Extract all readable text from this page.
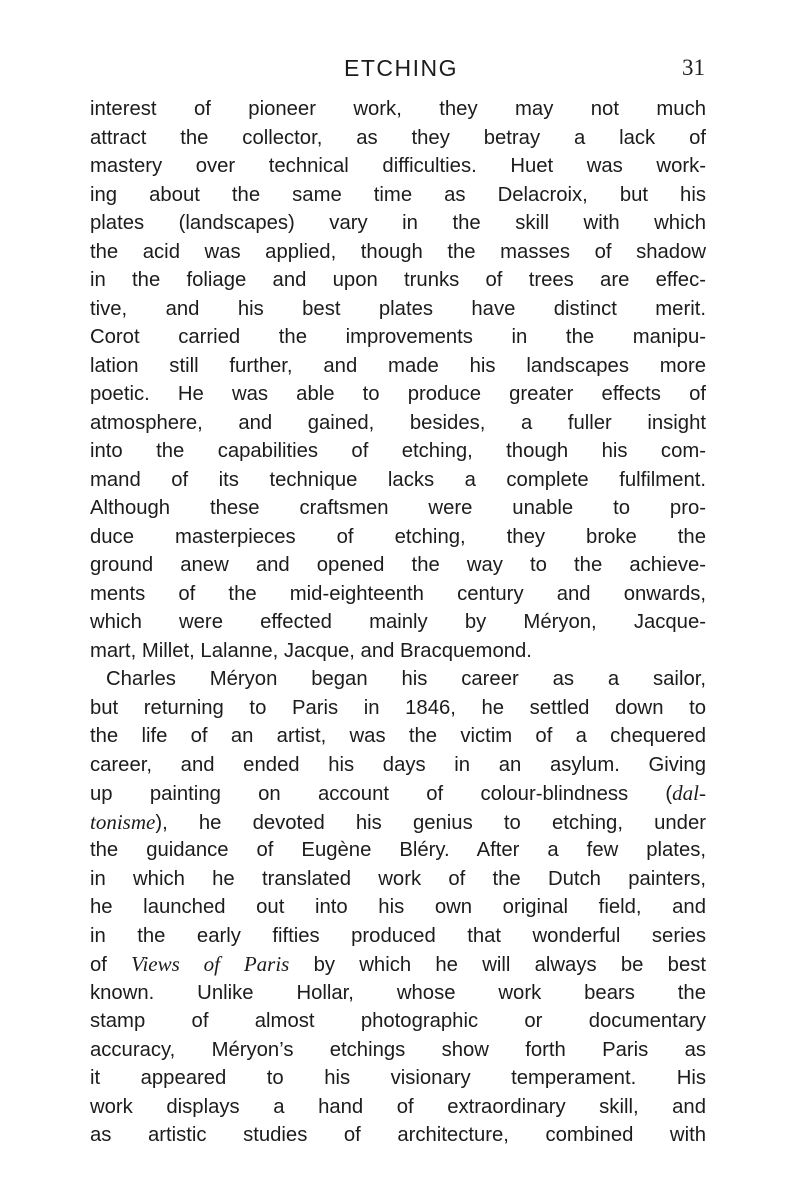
ETCHING	31
interest of pioneer work, they may not much
attract the collector, as they betray a lack of
mastery over technical difficulties. Huet was work-
ing about the same time as Delacroix, but his
plates (landscapes) vary in the skill with which
the acid was applied, though the masses of shadow
in the foliage and upon trunks of trees are effec-
tive, and his best plates have distinct merit.
Corot carried the improvements in the manipu-
lation still further, and made his landscapes more
poetic. He was able to produce greater effects of
atmosphere, and gained, besides, a fuller insight
into the capabilities of etching, though his com-
mand of its technique lacks a complete fulfilment.
Although these craftsmen were unable to pro-
duce masterpieces of etching, they broke the
ground anew and opened the way to the achieve-
ments of the mid-eighteenth century and onwards,
which were effected mainly by Méryon, Jacque-
mart, Millet, Lalanne, Jacque, and Bracquemond.
Charles Méryon began his career as a sailor,
but returning to Paris in 1846, he settled down to
the life of an artist, was the victim of a chequered
career, and ended his days in an asylum. Giving
up painting on account of colour-blindness (dal-
tonisme), he devoted his genius to etching, under
the guidance of Eugène Bléry. After a few plates,
in which he translated work of the Dutch painters,
he launched out into his own original field, and
in the early fifties produced that wonderful series
of Views of Paris by which he will always be best
known. Unlike Hollar, whose work bears the
stamp of almost photographic or documentary
accuracy, Méryon’s etchings show forth Paris as
it appeared to his visionary temperament. His
work displays a hand of extraordinary skill, and
as artistic studies of architecture, combined with
